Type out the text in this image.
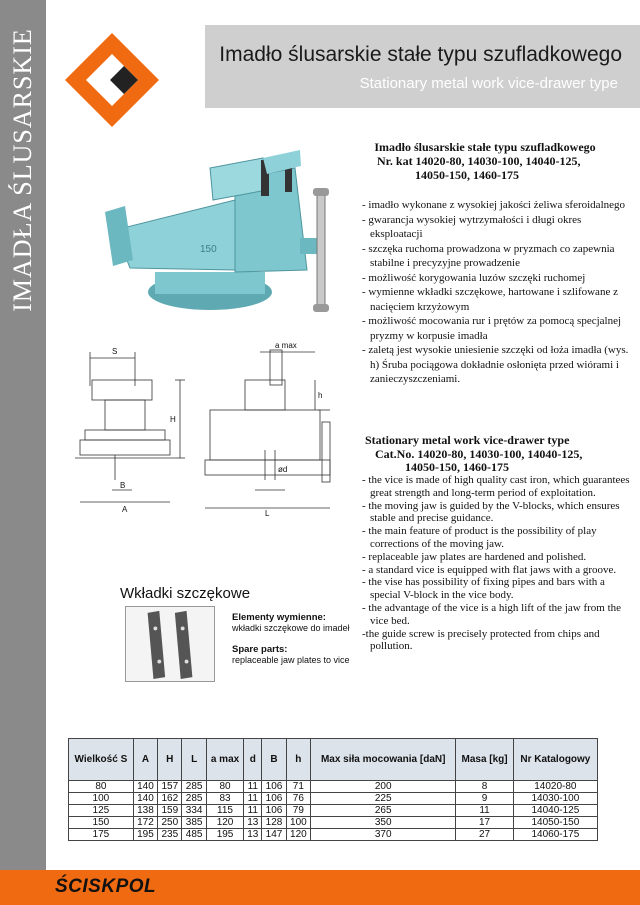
IMADŁA ŚLUSARSKIE	Imadło ślusarskie stałe typu szufladkowego
Stationary metal work vice-drawer type
150
S
a max
H
h
ød
B
A	L
Imadło ślusarskie stałe typu szufladkowego
Nr. kat 14020-80, 14030-100, 14040-125,
14050-150, 1460-175
- imadło wykonane z wysokiej jakości żeliwa sferoidalnego
- gwarancja wysokiej wytrzymałości i długi okres eksploatacji
- szczęka ruchoma prowadzona w pryzmach co zapewnia stabilne i precyzyjne prowadzenie
- możliwość korygowania luzów szczęki ruchomej
- wymienne wkładki szczękowe, hartowane i szlifowane z nacięciem krzyżowym
- możliwość mocowania rur i prętów za pomocą specjalnej pryzmy w korpusie imadła
- zaletą jest wysokie uniesienie szczęki od łoża imadła (wys. h) Śruba pociągowa dokładnie osłonięta przed wiórami i zanieczyszczeniami.
Stationary metal work vice-drawer type
Cat.No. 14020-80, 14030-100, 14040-125,
14050-150, 1460-175
- the vice is made of high quality cast iron, which guarantees great strength and long-term period of exploitation.
- the moving jaw is guided by the V-blocks, which ensures stable and precise guidance.
- the main feature of product is the possibility of play corrections of the moving jaw.
- replaceable jaw plates are hardened and polished.
- a standard vice is equipped with flat jaws with a groove.
- the vise has possibility of fixing pipes and bars with a special V-block in the vice body.
- the advantage of the vice is a high lift of the jaw from the vice bed.
-the guide screw is precisely protected from chips and pollution.
Wkładki szczękowe
Elementy wymienne:
wkładki szczękowe do imadeł
Spare parts:
replaceable jaw plates to vice
Wielkość S	A	H	L	a max	d	B	h	Max siła mocowania [daN]	Masa [kg]	Nr Katalogowy
80	140	157	285	80	11	106	71	200	8	14020-80
100	140	162	285	83	11	106	76	225	9	14030-100
125	138	159	334	115	11	106	79	265	11	14040-125
150	172	250	385	120	13	128	100	350	17	14050-150
175	195	235	485	195	13	147	120	370	27	14060-175
ŚCISKPOL
